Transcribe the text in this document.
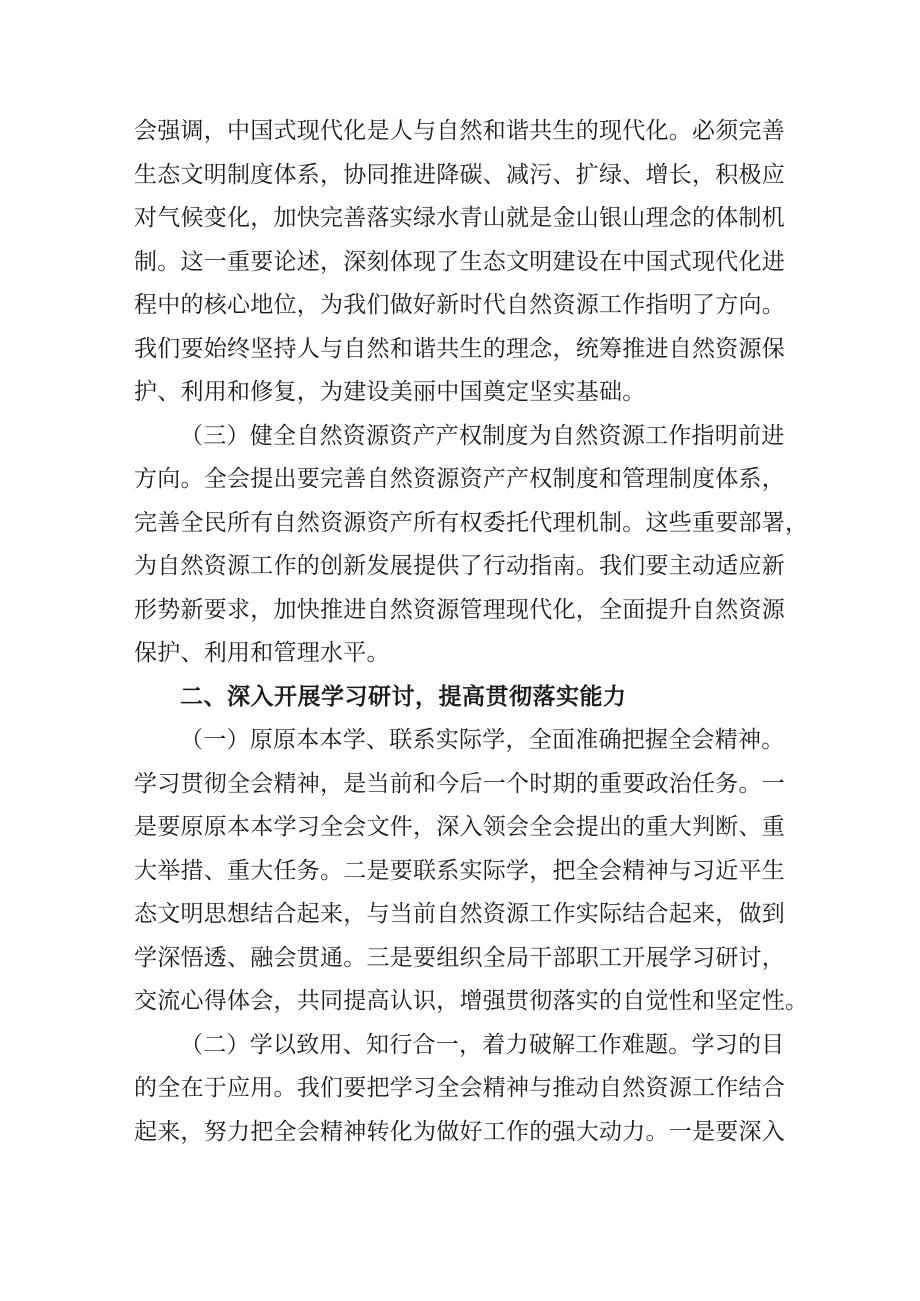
会强调，中国式现代化是人与自然和谐共生的现代化。必须完善
生态文明制度体系，协同推进降碳、减污、扩绿、增长，积极应
对气候变化，加快完善落实绿水青山就是金山银山理念的体制机
制。这一重要论述，深刻体现了生态文明建设在中国式现代化进
程中的核心地位，为我们做好新时代自然资源工作指明了方向。
我们要始终坚持人与自然和谐共生的理念，统筹推进自然资源保
护、利用和修复，为建设美丽中国奠定坚实基础。
（三）健全自然资源资产产权制度为自然资源工作指明前进
方向。全会提出要完善自然资源资产产权制度和管理制度体系，
完善全民所有自然资源资产所有权委托代理机制。这些重要部署，
为自然资源工作的创新发展提供了行动指南。我们要主动适应新
形势新要求，加快推进自然资源管理现代化，全面提升自然资源
保护、利用和管理水平。
二、深入开展学习研讨，提高贯彻落实能力
（一）原原本本学、联系实际学，全面准确把握全会精神。
学习贯彻全会精神，是当前和今后一个时期的重要政治任务。一
是要原原本本学习全会文件，深入领会全会提出的重大判断、重
大举措、重大任务。二是要联系实际学，把全会精神与习近平生
态文明思想结合起来，与当前自然资源工作实际结合起来，做到
学深悟透、融会贯通。三是要组织全局干部职工开展学习研讨，
交流心得体会，共同提高认识，增强贯彻落实的自觉性和坚定性。
（二）学以致用、知行合一，着力破解工作难题。学习的目
的全在于应用。我们要把学习全会精神与推动自然资源工作结合
起来，努力把全会精神转化为做好工作的强大动力。一是要深入
